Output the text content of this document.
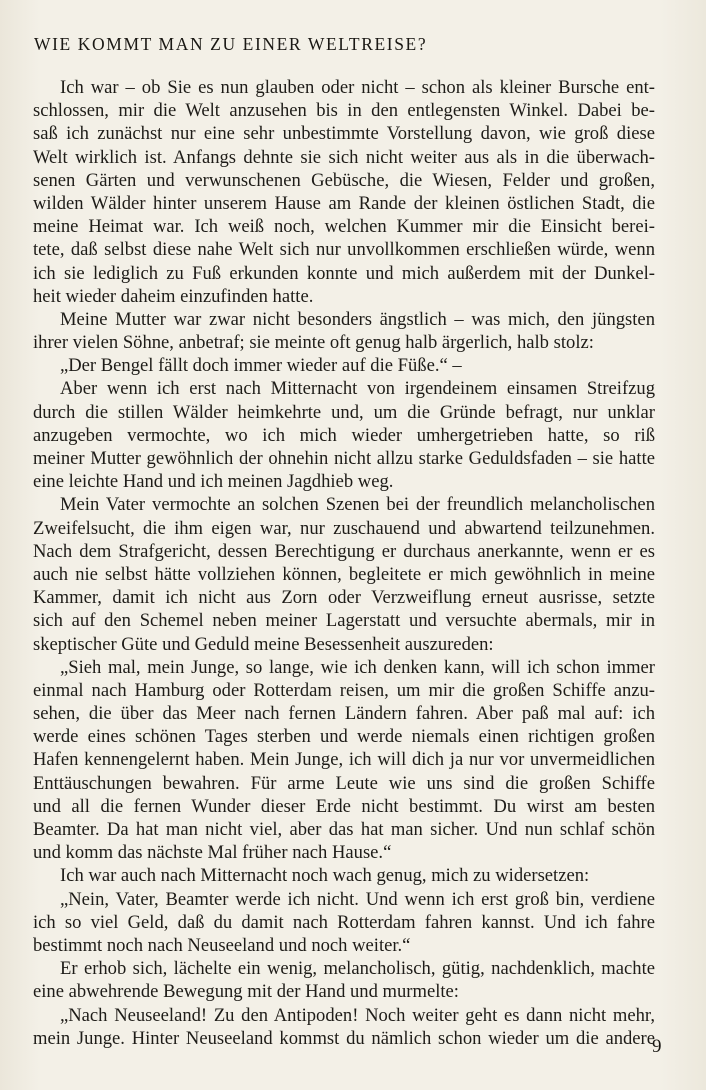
WIE KOMMT MAN ZU EINER WELTREISE?
Ich war – ob Sie es nun glauben oder nicht – schon als kleiner Bursche ent-
schlossen, mir die Welt anzusehen bis in den entlegensten Winkel. Dabei be-
saß ich zunächst nur eine sehr unbestimmte Vorstellung davon, wie groß diese
Welt wirklich ist. Anfangs dehnte sie sich nicht weiter aus als in die überwach-
senen Gärten und verwunschenen Gebüsche, die Wiesen, Felder und großen,
wilden Wälder hinter unserem Hause am Rande der kleinen östlichen Stadt, die
meine Heimat war. Ich weiß noch, welchen Kummer mir die Einsicht berei-
tete, daß selbst diese nahe Welt sich nur unvollkommen erschließen würde, wenn
ich sie lediglich zu Fuß erkunden konnte und mich außerdem mit der Dunkel-
heit wieder daheim einzufinden hatte.
Meine Mutter war zwar nicht besonders ängstlich – was mich, den jüngsten
ihrer vielen Söhne, anbetraf; sie meinte oft genug halb ärgerlich, halb stolz:
„Der Bengel fällt doch immer wieder auf die Füße.“ –
Aber wenn ich erst nach Mitternacht von irgendeinem einsamen Streifzug
durch die stillen Wälder heimkehrte und, um die Gründe befragt, nur unklar
anzugeben vermochte, wo ich mich wieder umhergetrieben hatte, so riß
meiner Mutter gewöhnlich der ohnehin nicht allzu starke Geduldsfaden – sie hatte
eine leichte Hand und ich meinen Jagdhieb weg.
Mein Vater vermochte an solchen Szenen bei der freundlich melancholischen
Zweifelsucht, die ihm eigen war, nur zuschauend und abwartend teilzunehmen.
Nach dem Strafgericht, dessen Berechtigung er durchaus anerkannte, wenn er es
auch nie selbst hätte vollziehen können, begleitete er mich gewöhnlich in meine
Kammer, damit ich nicht aus Zorn oder Verzweiflung erneut ausrisse, setzte
sich auf den Schemel neben meiner Lagerstatt und versuchte abermals, mir in
skeptischer Güte und Geduld meine Besessenheit auszureden:
„Sieh mal, mein Junge, so lange, wie ich denken kann, will ich schon immer
einmal nach Hamburg oder Rotterdam reisen, um mir die großen Schiffe anzu-
sehen, die über das Meer nach fernen Ländern fahren. Aber paß mal auf: ich
werde eines schönen Tages sterben und werde niemals einen richtigen großen
Hafen kennengelernt haben. Mein Junge, ich will dich ja nur vor unvermeidlichen
Enttäuschungen bewahren. Für arme Leute wie uns sind die großen Schiffe
und all die fernen Wunder dieser Erde nicht bestimmt. Du wirst am besten
Beamter. Da hat man nicht viel, aber das hat man sicher. Und nun schlaf schön
und komm das nächste Mal früher nach Hause.“
Ich war auch nach Mitternacht noch wach genug, mich zu widersetzen:
„Nein, Vater, Beamter werde ich nicht. Und wenn ich erst groß bin, verdiene
ich so viel Geld, daß du damit nach Rotterdam fahren kannst. Und ich fahre
bestimmt noch nach Neuseeland und noch weiter.“
Er erhob sich, lächelte ein wenig, melancholisch, gütig, nachdenklich, machte
eine abwehrende Bewegung mit der Hand und murmelte:
„Nach Neuseeland! Zu den Antipoden! Noch weiter geht es dann nicht mehr,
mein Junge. Hinter Neuseeland kommst du nämlich schon wieder um die andere
9
